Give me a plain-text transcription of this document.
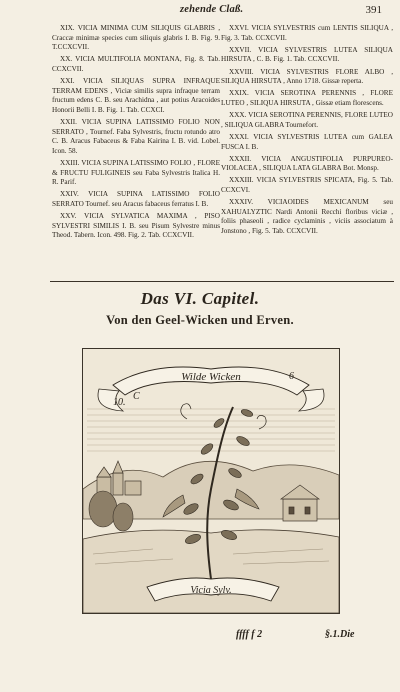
zehende Claß.	391

XIX. VICIA MINIMA CUM SILIQUIS GLABRIS , Craccæ minimæ species cum siliquis glabris I. B. Fig. 9. T.CCXCVII.

XX. VICIA MULTIFOLIA MONTANA, Fig. 8. Tab. CCXCVII.

XXI. VICIA SILIQUAS SUPRA INFRAQUE TERRAM EDENS , Viciæ similis supra infraque terram fructum edens C. B. seu Arachidna , aut potius Aracoides Honorii Belli I. B. Fig. 1. Tab. CCXCI.

XXII. VICIA SUPINA LATISSIMO FOLIO NON SERRATO , Tournef. Faba Sylvestris, fructu rotundo atro C. B. Aracus Fabaceus & Faba Kairina I. B. vid. Lobel. Icon. 58.

XXIII. VICIA SUPINA LATISSIMO FOLIO , FLORE & FRUCTU FULIGINEIS seu Faba Sylvestris Italica H. R. Parif.

XXIV. VICIA SUPINA LATISSIMO FOLIO SERRATO Tournef. seu Aracus fabaceus ferratus I. B.

XXV. VICIA SYLVATICA MAXIMA , PISO SYLVESTRI SIMILIS I. B. seu Pisum Sylvestre minus Theod. Tabern. Icon. 498. Fig. 2. Tab. CCXCVII.

XXVI. VICIA SYLVESTRIS cum LENTIS SILIQUA , Fig. 3. Tab. CCXCVII.

XXVII. VICIA SYLVESTRIS LUTEA SILIQUA HIRSUTA , C. B. Fig. 1. Tab. CCXCVII.

XXVIII. VICIA SYLVESTRIS FLORE ALBO , SILIQUA HIRSUTA , Anno 1718. Gissæ reperta.

XXIX. VICIA SEROTINA PERENNIS , FLORE LUTEO , SILIQUA HIRSUTA , Gissæ etiam florescens.

XXX. VICIA SEROTINA PERENNIS, FLORE LUTEO , SILIQUA GLABRA Tournefort.

XXXI. VICIA SYLVESTRIS LUTEA cum GALEA FUSCA I. B.

XXXII. VICIA ANGUSTIFOLIA PURPUREO-VIOLACEA , SILIQUA LATA GLABRA Bot. Monsp.

XXXIII. VICIA SYLVESTRIS SPICATA, Fig. 5. Tab. CCXCVI.

XXXIV. VICIAOIDES MEXICANUM seu XAHUALYZTIC Nardi Antonii Recchi floribus viciæ , foliis phaseoli , radice cyclaminis , viciis associatum à Jonstono , Fig. 5. Tab. CCXCVII.

Das VI. Capitel.
Von den Geel-Wicken und Erven.
Wilde Wicken
10.
C
6
Vicia Sylv.
ffff f 2	§.1.Die
